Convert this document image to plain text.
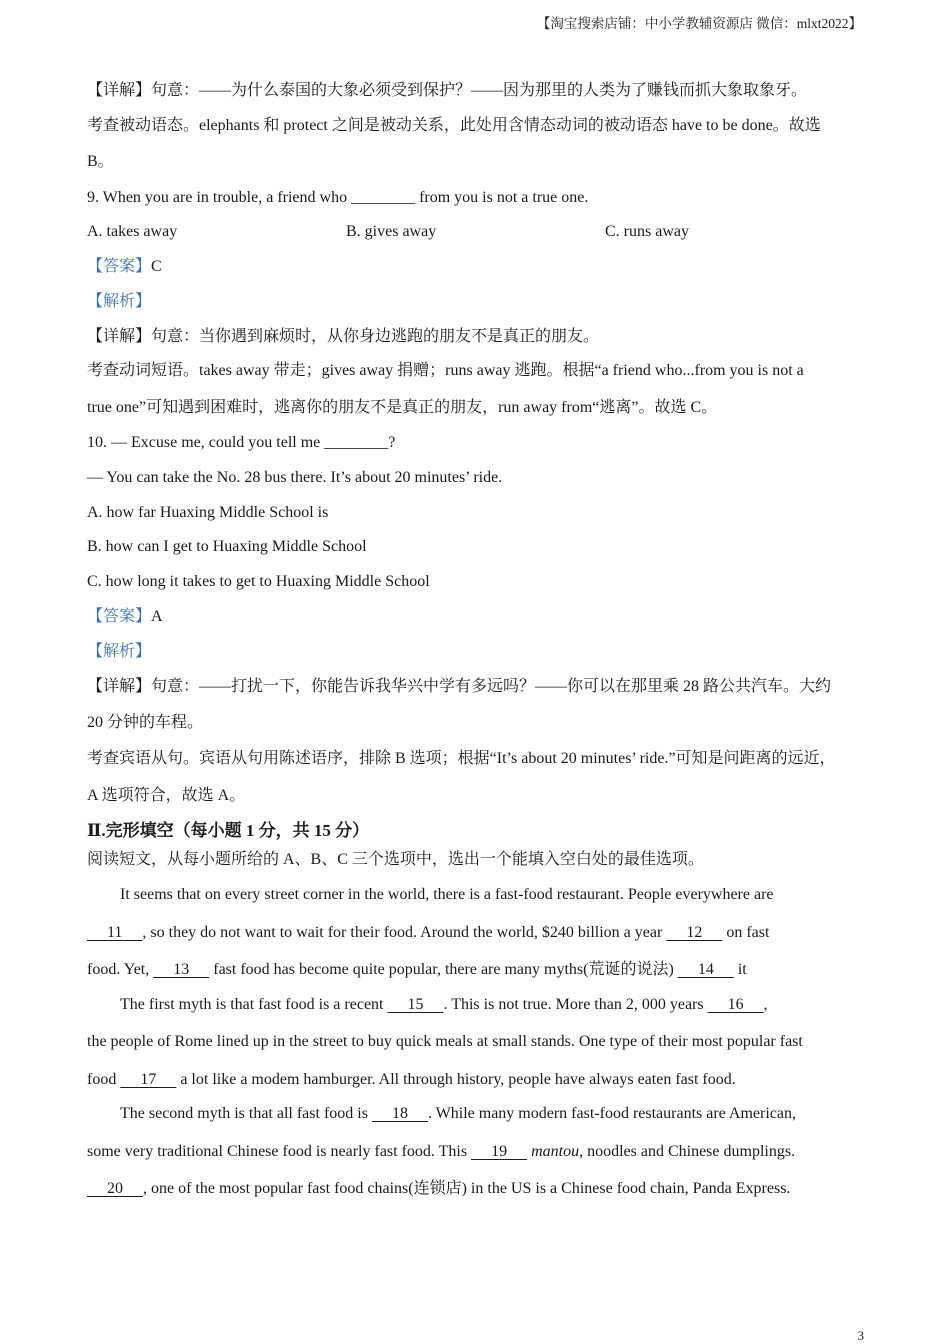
【淘宝搜索店铺：中小学教辅资源店 微信：mlxt2022】
【详解】句意：——为什么泰国的大象必须受到保护？——因为那里的人类为了赚钱而抓大象取象牙。
考查被动语态。elephants 和 protect 之间是被动关系，此处用含情态动词的被动语态 have to be done。故选
B。
9. When you are in trouble, a friend who ________ from you is not a true one.
A. takes away	B. gives away	C. runs away
【答案】C
【解析】
【详解】句意：当你遇到麻烦时，从你身边逃跑的朋友不是真正的朋友。
考查动词短语。takes away 带走；gives away 捐赠；runs away 逃跑。根据“a friend who...from you is not a
true one”可知遇到困难时，逃离你的朋友不是真正的朋友，run away from“逃离”。故选 C。
10. — Excuse me, could you tell me ________?
— You can take the No. 28 bus there. It’s about 20 minutes’ ride.
A. how far Huaxing Middle School is
B. how can I get to Huaxing Middle School
C. how long it takes to get to Huaxing Middle School
【答案】A
【解析】
【详解】句意：——打扰一下，你能告诉我华兴中学有多远吗？——你可以在那里乘 28 路公共汽车。大约
20 分钟的车程。
考查宾语从句。宾语从句用陈述语序，排除 B 选项；根据“It’s about 20 minutes’ ride.”可知是问距离的远近，
A 选项符合，故选 A。
Ⅱ.完形填空（每小题 1 分，共 15 分）
阅读短文，从每小题所给的 A、B、C 三个选项中，选出一个能填入空白处的最佳选项。
It seems that on every street corner in the world, there is a fast-food restaurant. People everywhere are
11     , so they do not want to wait for their food. Around the world, $240 billion a year      12      on fast
food. Yet,      13      fast food has become quite popular, there are many myths(荒诞的说法)      14      it
The first myth is that fast food is a recent      15     . This is not true. More than 2, 000 years      16     ,
the people of Rome lined up in the street to buy quick meals at small stands. One type of their most popular fast
food      17      a lot like a modem hamburger. All through history, people have always eaten fast food.
The second myth is that all fast food is      18     . While many modern fast-food restaurants are American,
some very traditional Chinese food is nearly fast food. This      19      mantou, noodles and Chinese dumplings.
20     , one of the most popular fast food chains(连锁店) in the US is a Chinese food chain, Panda Express.
3
